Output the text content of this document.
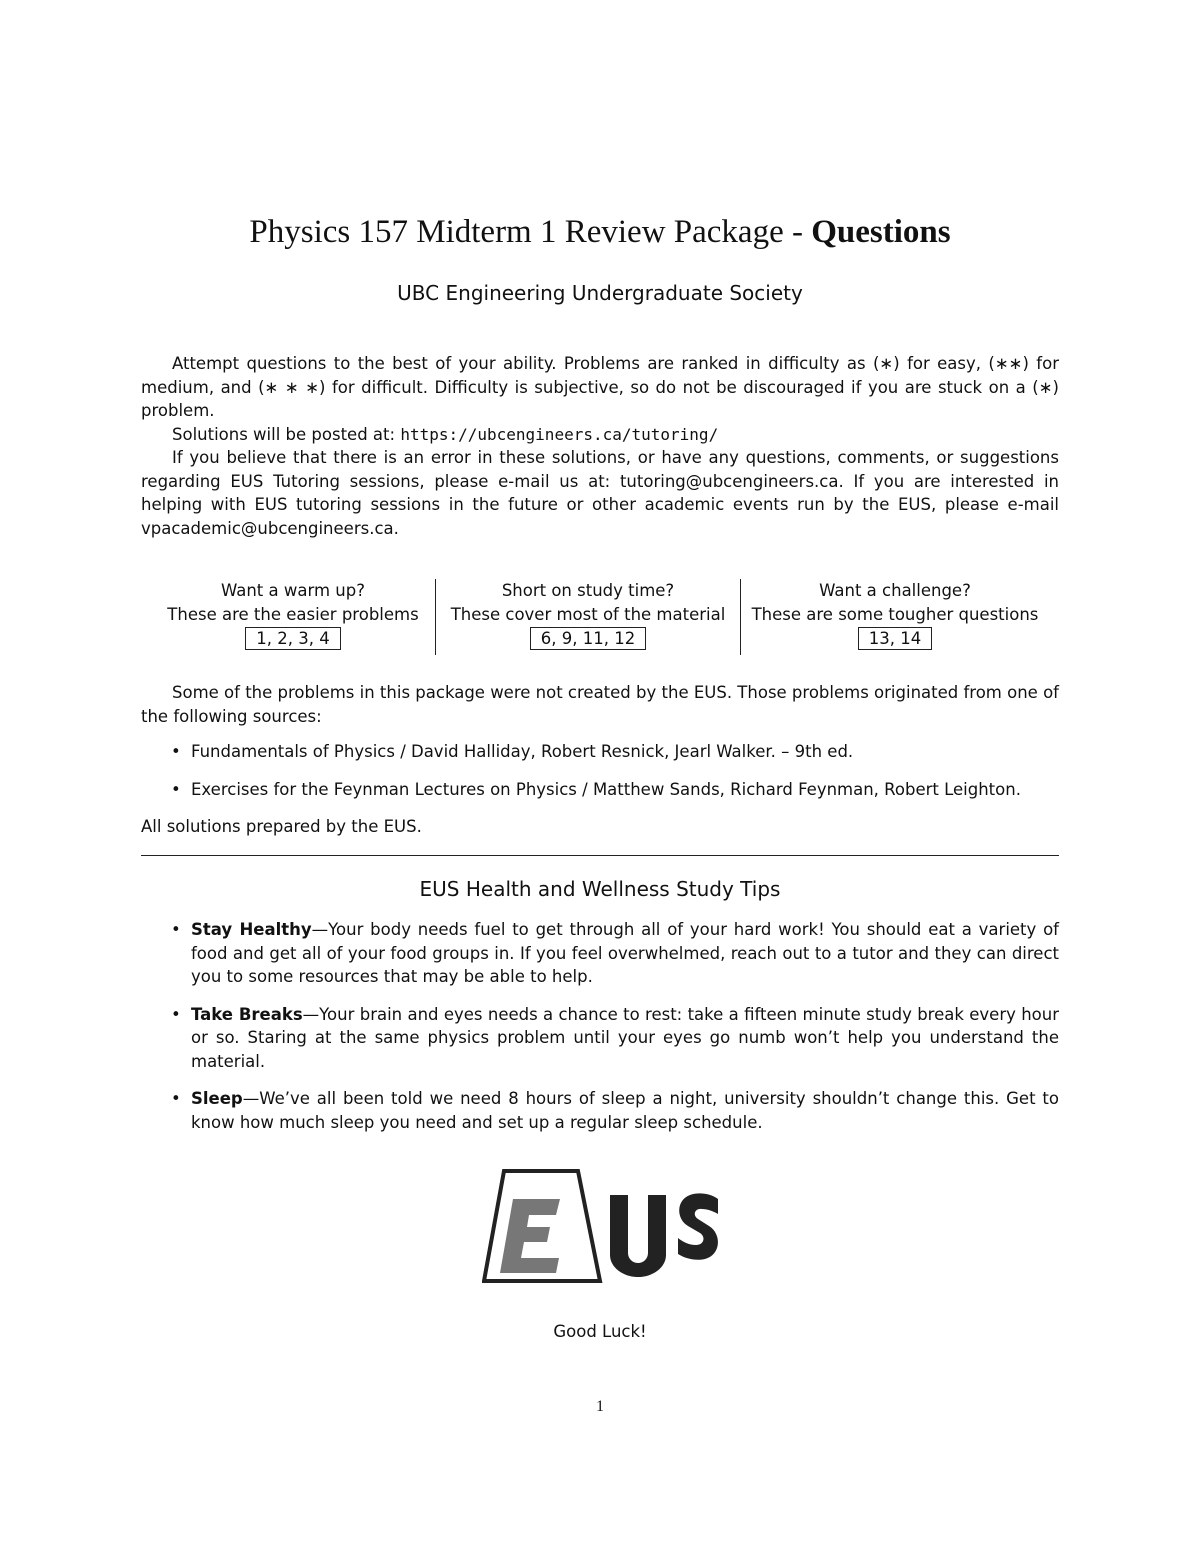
Physics 157 Midterm 1 Review Package - Questions
UBC Engineering Undergraduate Society

Attempt questions to the best of your ability. Problems are ranked in difficulty as (∗) for easy, (∗∗) for medium, and (∗ ∗ ∗) for difficult. Difficulty is subjective, so do not be discouraged if you are stuck on a (∗) problem.

Solutions will be posted at: https://ubcengineers.ca/tutoring/

If you believe that there is an error in these solutions, or have any questions, comments, or suggestions regarding EUS Tutoring sessions, please e-mail us at: tutoring@ubcengineers.ca. If you are interested in helping with EUS tutoring sessions in the future or other academic events run by the EUS, please e-mail vpacademic@ubcengineers.ca.

Want a warm up?
These are the easier problems
1, 2, 3, 4
Short on study time?
These cover most of the material
6, 9, 11, 12
Want a challenge?
These are some tougher questions
13, 14

Some of the problems in this package were not created by the EUS. Those problems originated from one of the following sources:

• Fundamentals of Physics / David Halliday, Robert Resnick, Jearl Walker. – 9th ed.
• Exercises for the Feynman Lectures on Physics / Matthew Sands, Richard Feynman, Robert Leighton.

All solutions prepared by the EUS.

EUS Health and Wellness Study Tips
• Stay Healthy—Your body needs fuel to get through all of your hard work! You should eat a variety of food and get all of your food groups in. If you feel overwhelmed, reach out to a tutor and they can direct you to some resources that may be able to help.
• Take Breaks—Your brain and eyes needs a chance to rest: take a fifteen minute study break every hour or so. Staring at the same physics problem until your eyes go numb won’t help you understand the material.
• Sleep—We’ve all been told we need 8 hours of sleep a night, university shouldn’t change this. Get to know how much sleep you need and set up a regular sleep schedule.
Good Luck!
1
